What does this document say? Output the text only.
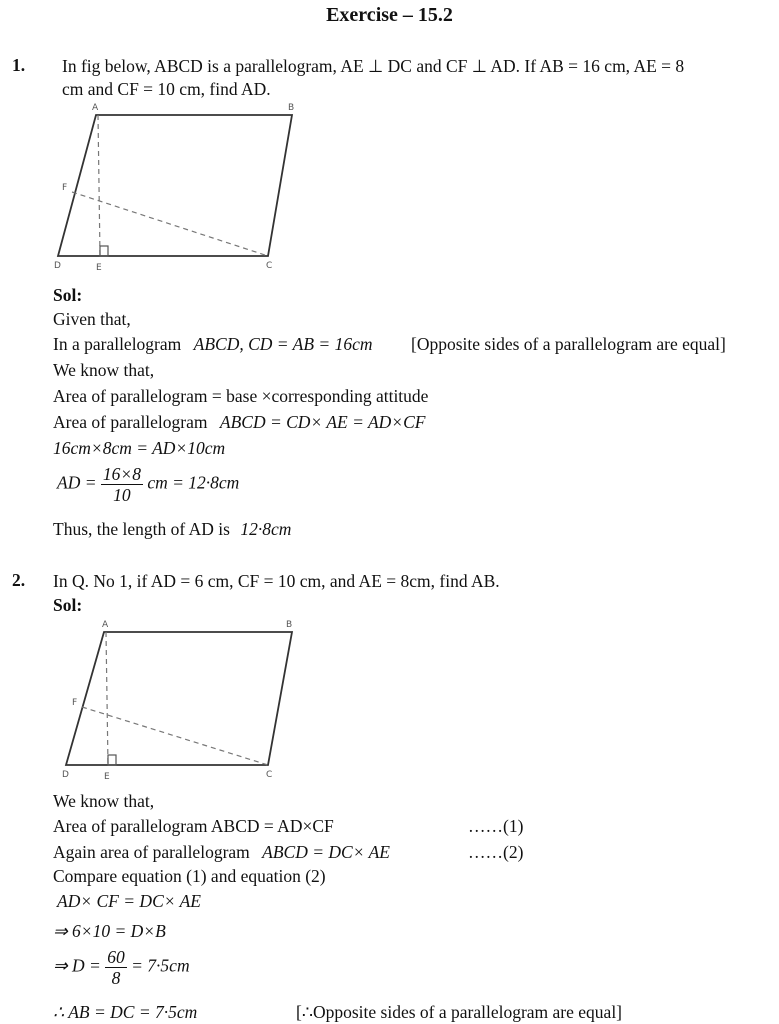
Exercise – 15.2
1. In fig below, ABCD is a parallelogram, AE ⊥ DC and CF ⊥ AD. If AB = 16 cm, AE = 8
cm and CF = 10 cm, find AD.
A	B
C
D	E
F
Sol:
Given that,
In a parallelogram ABCD, CD = AB = 16cm [Opposite sides of a parallelogram are equal]
We know that,
Area of parallelogram = base ×corresponding attitude
Area of parallelogram ABCD = CD× AE = AD×CF
16cm×8cm = AD×10cm
AD = $\frac{16\times 8}{10}$ cm = 12·8cm
Thus, the length of AD is 12·8cm
2. In Q. No 1, if AD = 6 cm, CF = 10 cm, and AE = 8cm, find AB.
Sol:
A	B
C
D	E
F
We know that,
Area of parallelogram ABCD = AD×CF	……(1)
Again area of parallelogram ABCD = DC× AE	……(2)
Compare equation (1) and equation (2)
AD× CF = DC× AE
⇒ 6×10 = D×B
⇒ $D = \frac{60}{8} = 7\cdot 5cm$
∴ AB = DC = 7·5cm	[∴Opposite sides of a parallelogram are equal]
